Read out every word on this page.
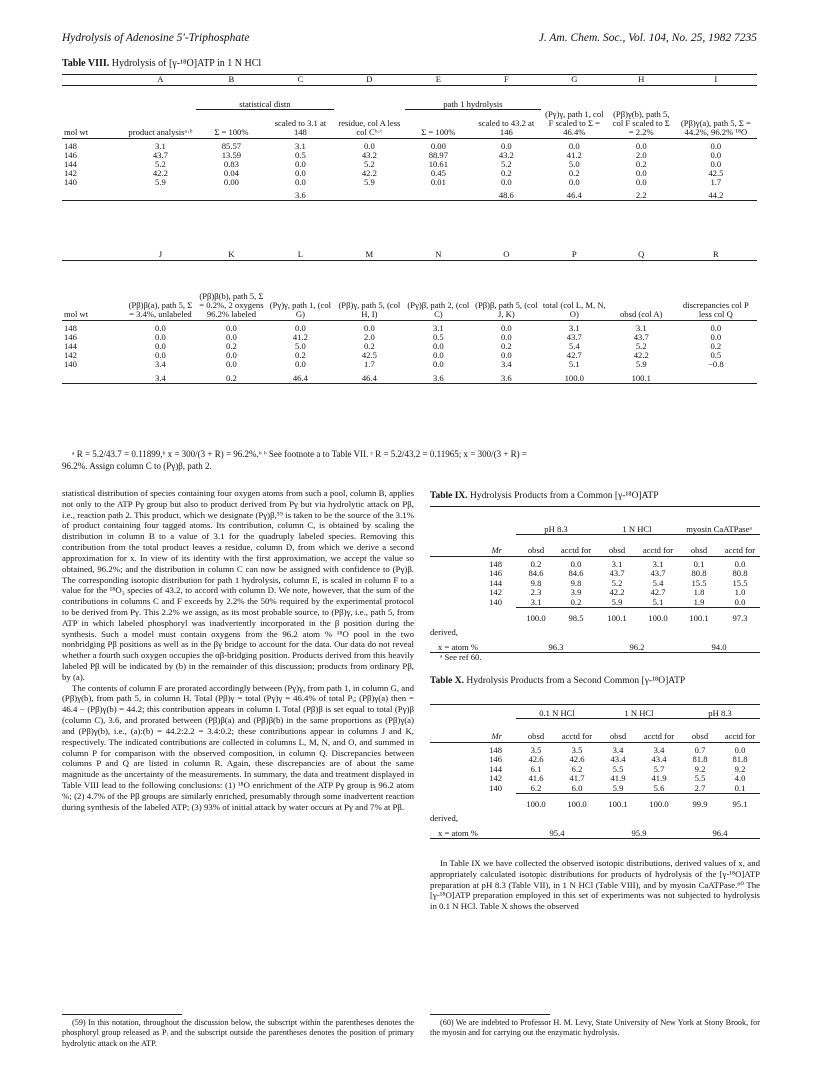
Hydrolysis of Adenosine 5′-Triphosphate	J. Am. Chem. Soc., Vol. 104, No. 25, 1982 7235
Table VIII. Hydrolysis of [γ-¹⁸O]ATP in 1 N HCl
	A	B	C	D	E	F	G	H	I
		statistical distn			path 1 hydrolysis				
mol wt	product analysisᵃ·ᵇ	Σ = 100%	scaled to 3.1 at 148	residue, col A less col Cᵇ·ᶜ	Σ = 100%	scaled to 43.2 at 146	(Pγ)γ, path 1, col F scaled to Σ = 46.4%	(Pβ)γ(b), path 5, col F scaled to Σ = 2.2%	(Pβ)γ(a), path 5, Σ = 44.2%, 96.2% ¹⁸O
148	3.1	85.57	3.1	0.0	0.00	0.0	0.0	0.0	0.0
146	43.7	13.59	0.5	43.2	88.97	43.2	41.2	2.0	0.0
144	5.2	0.83	0.0	5.2	10.61	5.2	5.0	0.2	0.0
142	42.2	0.04	0.0	42.2	0.45	0.2	0.2	0.0	42.5
140	5.9	0.00	0.0	5.9	0.01	0.0	0.0	0.0	1.7
			3.6			48.6	46.4	2.2	44.2
	J	K	L	M	N	O	P	Q	R
mol wt	(Pβ)β(a), path 5, Σ = 3.4%, unlabeled	(Pβ)β(b), path 5, Σ = 0.2%, 2 oxygens 96.2% labeled	(Pγ)γ, path 1, (col G)	(Pβ)γ, path 5, (col H, I)	(Pγ)β, path 2, (col C)	(Pβ)β, path 5, (col J, K)	total (col L, M, N, O)	obsd (col A)	discrepancies col P less col Q
148	0.0	0.0	0.0	0.0	3.1	0.0	3.1	3.1	0.0
146	0.0	0.0	41.2	2.0	0.5	0.0	43.7	43.7	0.0
144	0.0	0.2	5.0	0.2	0.0	0.2	5.4	5.2	0.2
142	0.0	0.0	0.2	42.5	0.0	0.0	42.7	42.2	0.5
140	3.4	0.0	0.0	1.7	0.0	3.4	5.1	5.9	−0.8
	3.4	0.2	46.4	46.4	3.6	3.6	100.0	100.1	
ᵃ R = 5.2/43.7 = 0.11899,ᵇ x = 300/(3 + R) = 96.2%.ᵇ ᵇ See footnote a to Table VII. ᶜ R = 5.2/43.2 = 0.11965; x = 300/(3 + R) =
96.2%. Assign column C to (Pγ)β, path 2.

statistical distribution of species containing four oxygen atoms from such a pool, column B, applies not only to the ATP Pγ group but also to product derived from Pγ but via hydrolytic attack on Pβ, i.e., reaction path 2. This product, which we designate (Pγ)β,⁵⁹ is taken to be the source of the 3.1% of product containing four tagged atoms. Its contribution, column C, is obtained by scaling the distribution in column B to a value of 3.1 for the quadruply labeled species. Removing this contribution from the total product leaves a residue, column D, from which we derive a second approximation for x. In view of its identity with the first approximation, we accept the value so obtained, 96.2%; and the distribution in column C can now be assigned with confidence to (Pγ)β. The corresponding isotopic distribution for path 1 hydrolysis, column E, is scaled in column F to a value for the ¹⁸O₃ species of 43.2, to accord with column D. We note, however, that the sum of the contributions in columns C and F exceeds by 2.2% the 50% required by the experimental protocol to be derived from Pγ. This 2.2% we assign, as its most probable source, to (Pβ)γ, i.e., path 5, from ATP in which labeled phosphoryl was inadvertently incorporated in the β position during the synthesis. Such a model must contain oxygens from the 96.2 atom % ¹⁸O pool in the two nonbridging Pβ positions as well as in the βγ bridge to account for the data. Our data do not reveal whether a fourth such oxygen occupies the αβ-bridging position. Products derived from this heavily labeled Pβ will be indicated by (b) in the remainder of this discussion; products from ordinary Pβ, by (a).

The contents of column F are prorated accordingly between (Pγ)γ, from path 1, in column G, and (Pβ)γ(b), from path 5, in column H. Total (Pβ)γ = total (Pγ)γ = 46.4% of total Pᵢ; (Pβ)γ(a) then = 46.4 − (Pβ)γ(b) = 44.2; this contribution appears in column I. Total (Pβ)β is set equal to total (Pγ)β (column C), 3.6, and prorated between (Pβ)β(a) and (Pβ)β(b) in the same proportions as (Pβ)γ(a) and (Pβ)γ(b), i.e., (a):(b) = 44.2:2.2 = 3.4:0.2; these contributions appear in columns J and K, respectively. The indicated contributions are collected in columns L, M, N, and O, and summed in column P for comparison with the observed composition, in column Q. Discrepancies between columns P and Q are listed in column R. Again, these discrepancies are of about the same magnitude as the uncertainty of the measurements. In summary, the data and treatment displayed in Table VIII lead to the following conclusions: (1) ¹⁸O enrichment of the ATP Pγ group is 96.2 atom %; (2) 4.7% of the Pβ groups are similarly enriched, presumably through some inadvertent reaction during synthesis of the labeled ATP; (3) 93% of initial attack by water occurs at Pγ and 7% at Pβ.

Table IX. Hydrolysis Products from a Common [γ-¹⁸O]ATP
	pH 8.3		1 N HCl		myosin CaATPaseᵃ	
Mr	obsd	acctd for	obsd	acctd for	obsd	acctd for
148	0.2	0.0	3.1	3.1	0.1	0.0
146	84.6	84.6	43.7	43.7	80.8	80.8
144	9.8	9.8	5.2	5.4	15.5	15.5
142	2.3	3.9	42.2	42.7	1.8	1.0
140	3.1	0.2	5.9	5.1	1.9	0.0
	100.0	98.5	100.1	100.0	100.1	97.3
derived,						
x = atom %	96.3		96.2		94.0	
ᵃ See ref 60.
Table X. Hydrolysis Products from a Second Common [γ-¹⁸O]ATP
	0.1 N HCl		1 N HCl		pH 8.3	
Mr	obsd	acctd for	obsd	acctd for	obsd	acctd for
148	3.5	3.5	3.4	3.4	0.7	0.0
146	42.6	42.6	43.4	43.4	81.8	81.8
144	6.1	6.2	5.5	5.7	9.2	9.2
142	41.6	41.7	41.9	41.9	5.5	4.0
140	6.2	6.0	5.9	5.6	2.7	0.1
	100.0	100.0	100.1	100.0	99.9	95.1
derived,						
x = atom %	95.4		95.9		96.4	

In Table IX we have collected the observed isotopic distributions, derived values of x, and appropriately calculated isotopic distributions for products of hydrolysis of the [γ-¹⁸O]ATP preparation at pH 8.3 (Table VII), in 1 N HCl (Table VIII), and by myosin CaATPase.⁶⁰ The [γ-¹⁸O]ATP preparation employed in this set of experiments was not subjected to hydrolysis in 0.1 N HCl. Table X shows the observed

(59) In this notation, throughout the discussion below, the subscript within the parentheses denotes the phosphoryl group released as Pᵢ and the subscript outside the parentheses denotes the position of primary hydrolytic attack on the ATP.
(60) We are indebted to Professor H. M. Levy, State University of New York at Stony Brook, for the myosin and for carrying out the enzymatic hydrolysis.
